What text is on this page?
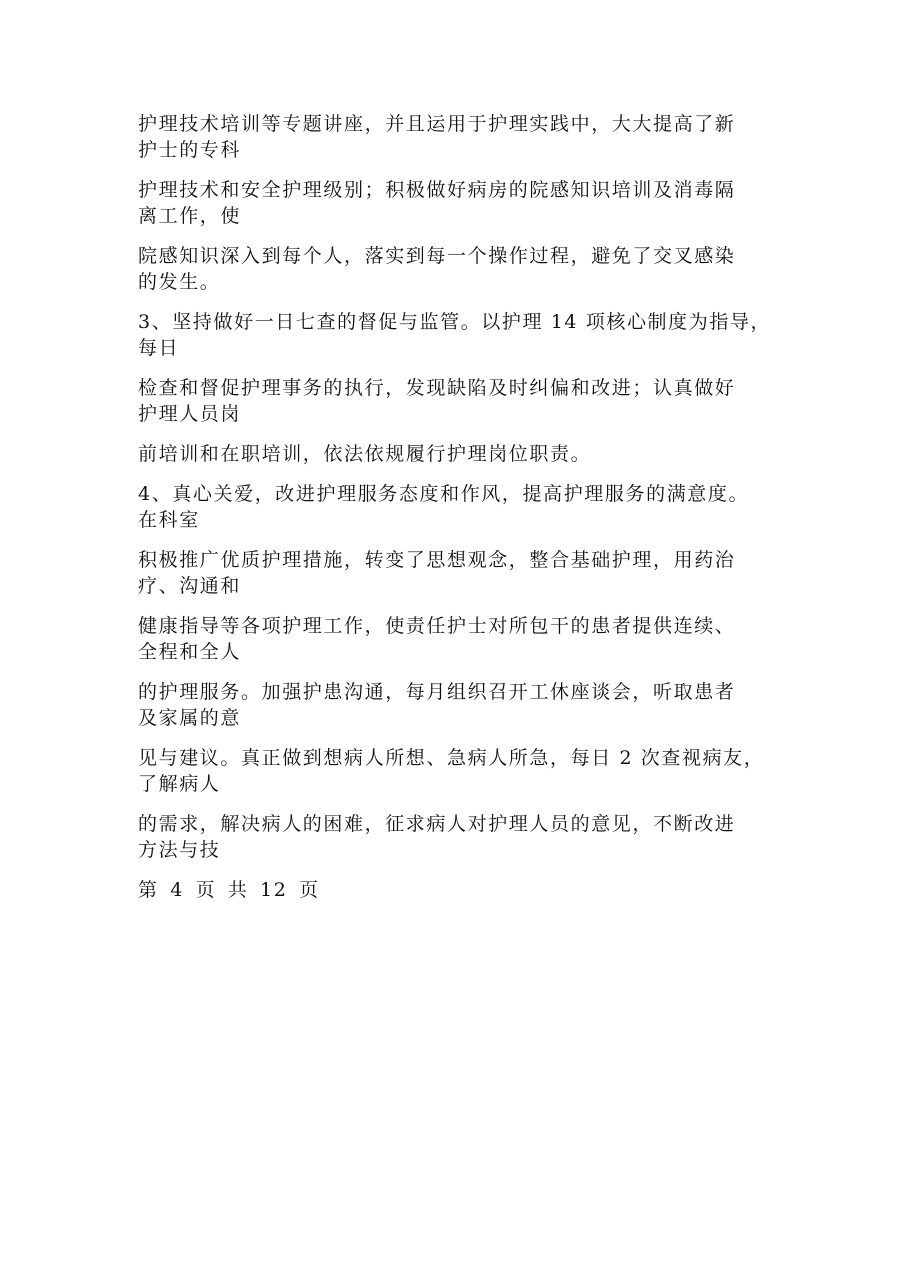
护理技术培训等专题讲座，并且运用于护理实践中，大大提高了新
护士的专科

护理技术和安全护理级别；积极做好病房的院感知识培训及消毒隔
离工作，使

院感知识深入到每个人，落实到每一个操作过程，避免了交叉感染
的发生。

3、坚持做好一日七查的督促与监管。以护理 14 项核心制度为指导，
每日

检查和督促护理事务的执行，发现缺陷及时纠偏和改进；认真做好
护理人员岗

前培训和在职培训，依法依规履行护理岗位职责。

4、真心关爱，改进护理服务态度和作风，提高护理服务的满意度。
在科室

积极推广优质护理措施，转变了思想观念，整合基础护理，用药治
疗、沟通和

健康指导等各项护理工作，使责任护士对所包干的患者提供连续、
全程和全人

的护理服务。加强护患沟通，每月组织召开工休座谈会，听取患者
及家属的意

见与建议。真正做到想病人所想、急病人所急，每日 2 次查视病友，
了解病人

的需求，解决病人的困难，征求病人对护理人员的意见，不断改进
方法与技

第 4 页 共 12 页
